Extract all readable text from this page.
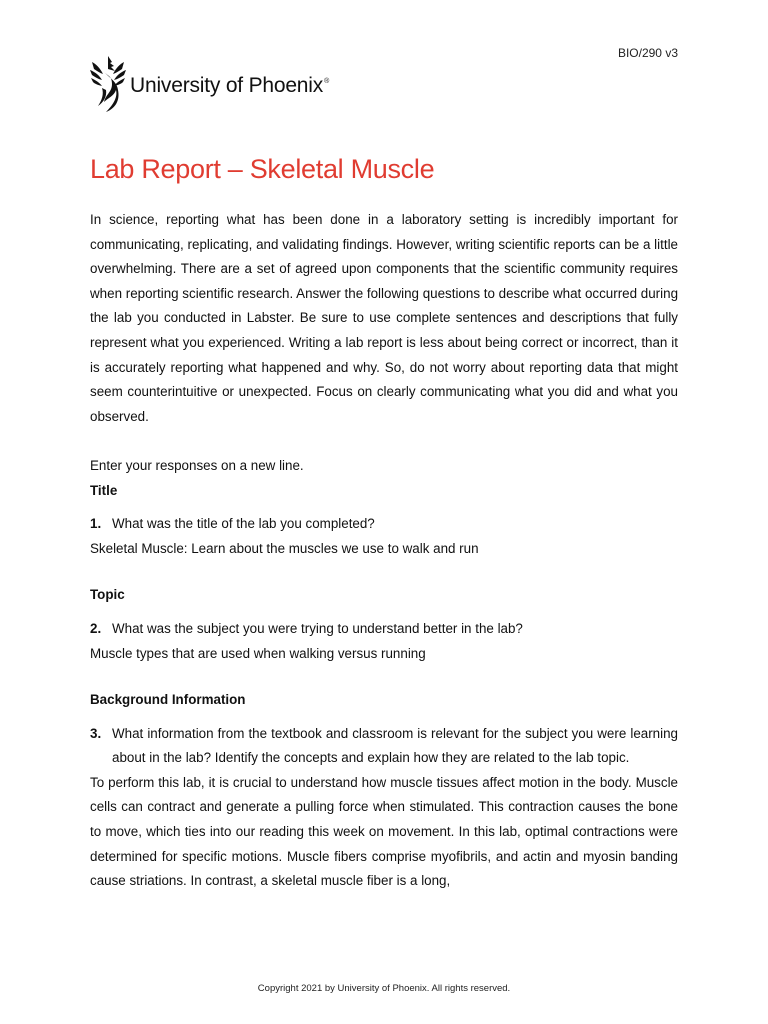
BIO/290 v3
University of Phoenix®
Lab Report – Skeletal Muscle

In science, reporting what has been done in a laboratory setting is incredibly important for communicating, replicating, and validating findings. However, writing scientific reports can be a little overwhelming. There are a set of agreed upon components that the scientific community requires when reporting scientific research. Answer the following questions to describe what occurred during the lab you conducted in Labster. Be sure to use complete sentences and descriptions that fully represent what you experienced. Writing a lab report is less about being correct or incorrect, than it is accurately reporting what happened and why. So, do not worry about reporting data that might seem counterintuitive or unexpected. Focus on clearly communicating what you did and what you observed.

Enter your responses on a new line.

Title

1. What was the title of the lab you completed?

Skeletal Muscle: Learn about the muscles we use to walk and run

Topic

2. What was the subject you were trying to understand better in the lab?

Muscle types that are used when walking versus running

Background Information

3. What information from the textbook and classroom is relevant for the subject you were learning about in the lab? Identify the concepts and explain how they are related to the lab topic.

To perform this lab, it is crucial to understand how muscle tissues affect motion in the body. Muscle cells can contract and generate a pulling force when stimulated. This contraction causes the bone to move, which ties into our reading this week on movement. In this lab, optimal contractions were determined for specific motions. Muscle fibers comprise myofibrils, and actin and myosin banding cause striations. In contrast, a skeletal muscle fiber is a long,

Copyright 2021 by University of Phoenix. All rights reserved.
